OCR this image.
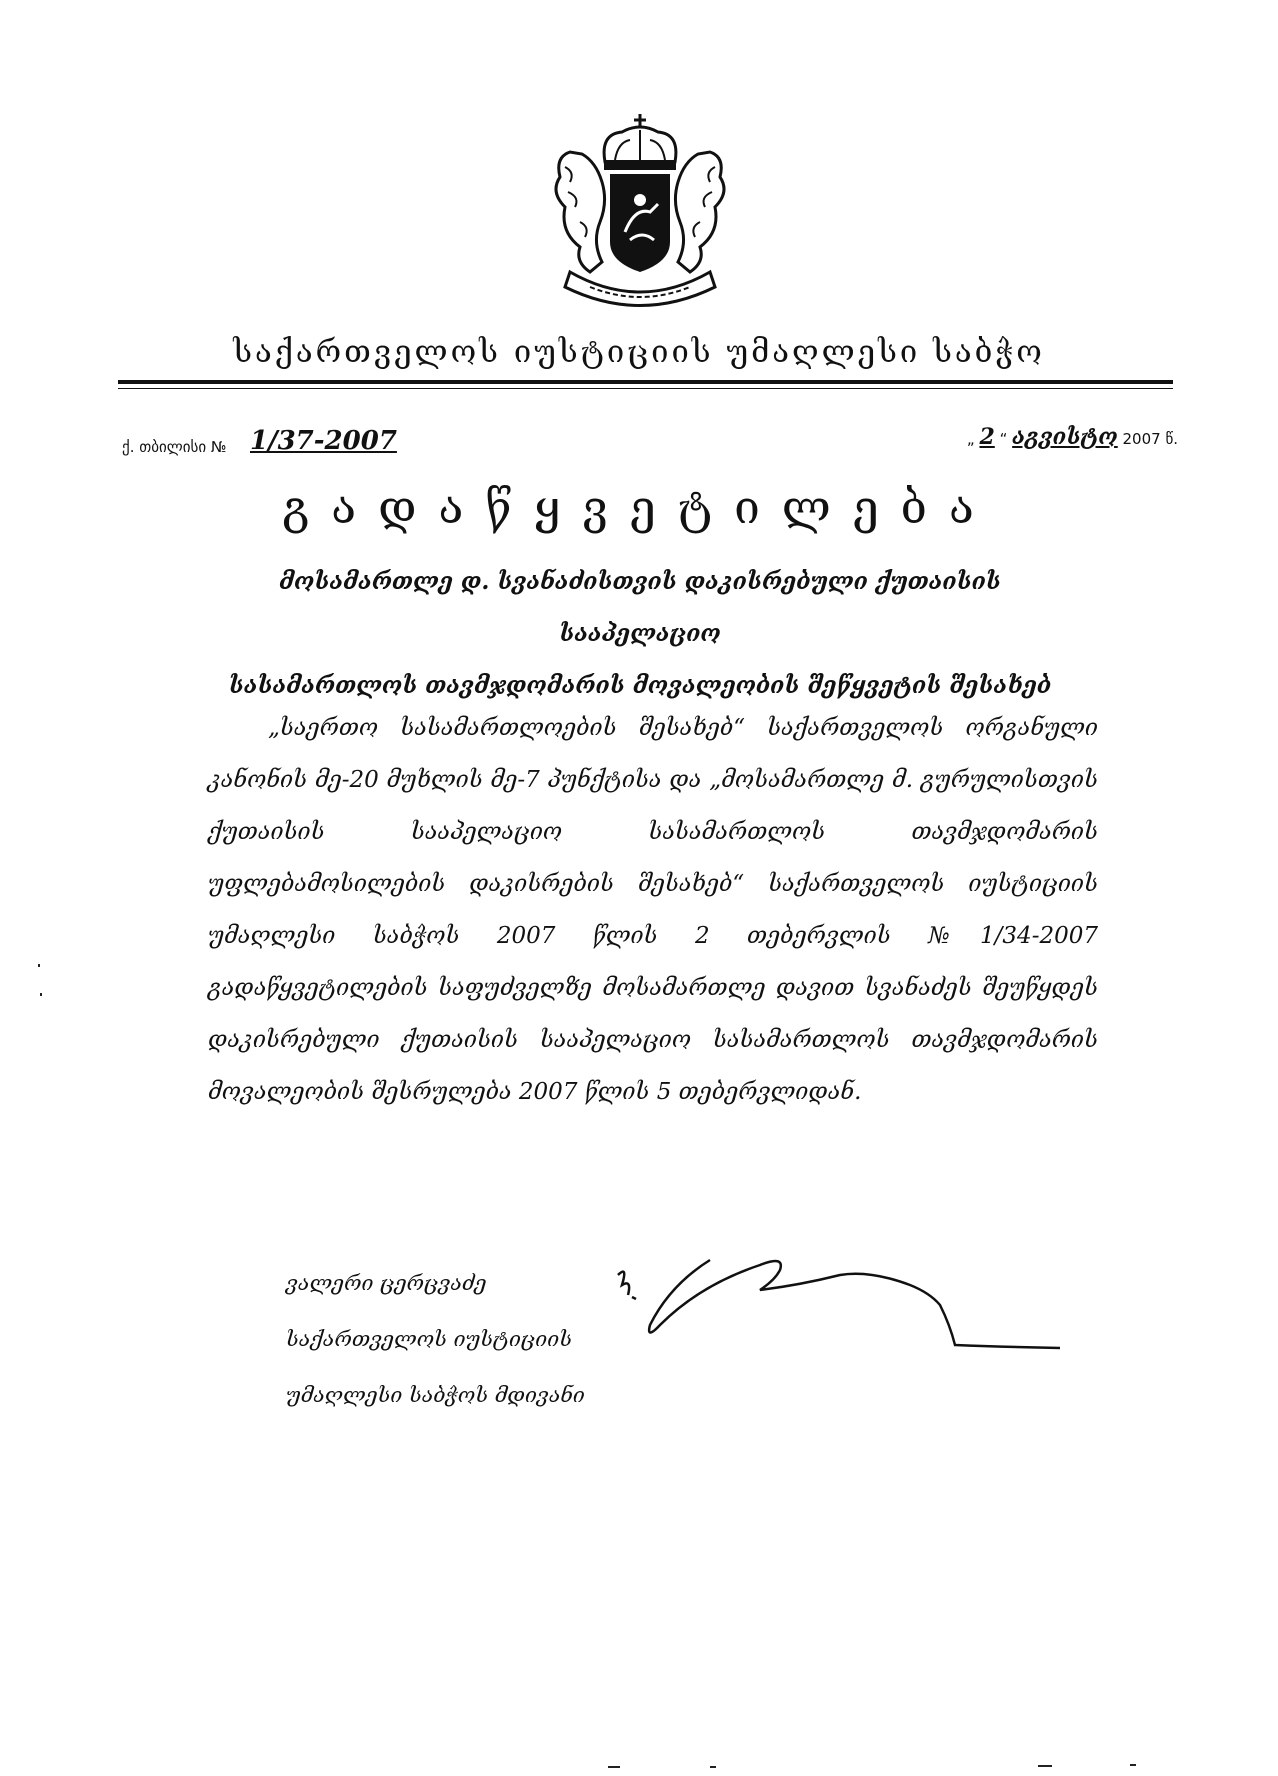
საქართველოს იუსტიციის უმაღლესი საბჭო
ქ. თბილისი № 1/37-2007	„ 2 “ აგვისტო 2007 წ.
გადაწყვეტილება
მოსამართლე დ. სვანაძისთვის დაკისრებული ქუთაისის სააპელაციო
სასამართლოს თავმჯდომარის მოვალეობის შეწყვეტის შესახებ
„საერთო სასამართლოების შესახებ“ საქართველოს ორგანული კანონის მე-20 მუხლის მე-7 პუნქტისა და „მოსამართლე მ. გურულისთვის ქუთაისის სააპელაციო სასამართლოს თავმჯდომარის უფლებამოსილების დაკისრების შესახებ“ საქართველოს იუსტიციის უმაღლესი საბჭოს 2007 წლის 2 თებერვლის №1/34-2007 გადაწყვეტილების საფუძველზე მოსამართლე დავით სვანაძეს შეუწყდეს დაკისრებული ქუთაისის სააპელაციო სასამართლოს თავმჯდომარის მოვალეობის შესრულება 2007 წლის 5 თებერვლიდან.
ვალერი ცერცვაძე
საქართველოს იუსტიციის
უმაღლესი საბჭოს მდივანი
